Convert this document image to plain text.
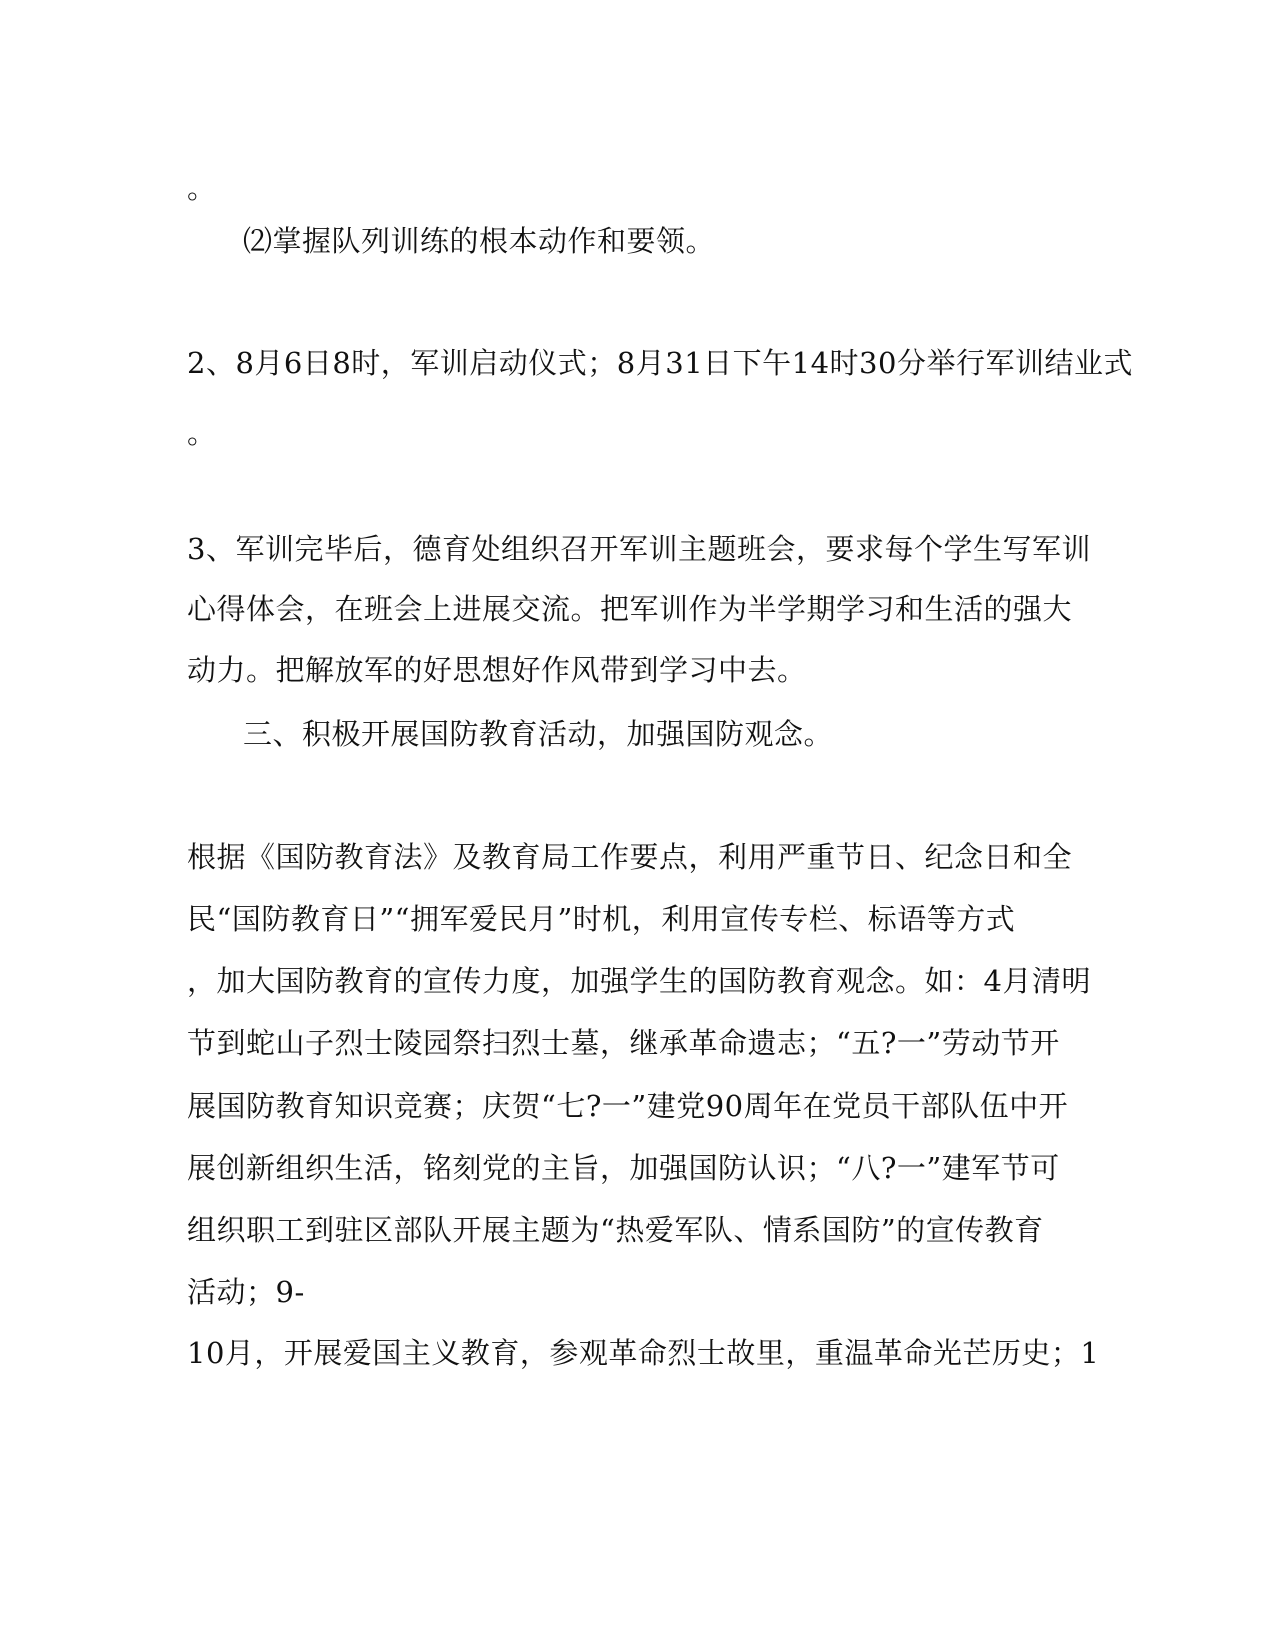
。
⑵掌握队列训练的根本动作和要领。
2、8月6日8时，军训启动仪式；8月31日下午14时30分举行军训结业式
。
3、军训完毕后，德育处组织召开军训主题班会，要求每个学生写军训
心得体会，在班会上进展交流。把军训作为半学期学习和生活的强大
动力。把解放军的好思想好作风带到学习中去。
三、积极开展国防教育活动，加强国防观念。
根据《国防教育法》及教育局工作要点，利用严重节日、纪念日和全
民“国防教育日”“拥军爱民月”时机，利用宣传专栏、标语等方式
，加大国防教育的宣传力度，加强学生的国防教育观念。如：4月清明
节到蛇山子烈士陵园祭扫烈士墓，继承革命遗志；“五?一”劳动节开
展国防教育知识竞赛；庆贺“七?一”建党90周年在党员干部队伍中开
展创新组织生活，铭刻党的主旨，加强国防认识；“八?一”建军节可
组织职工到驻区部队开展主题为“热爱军队、情系国防”的宣传教育
活动；9-
10月，开展爱国主义教育，参观革命烈士故里，重温革命光芒历史；1
